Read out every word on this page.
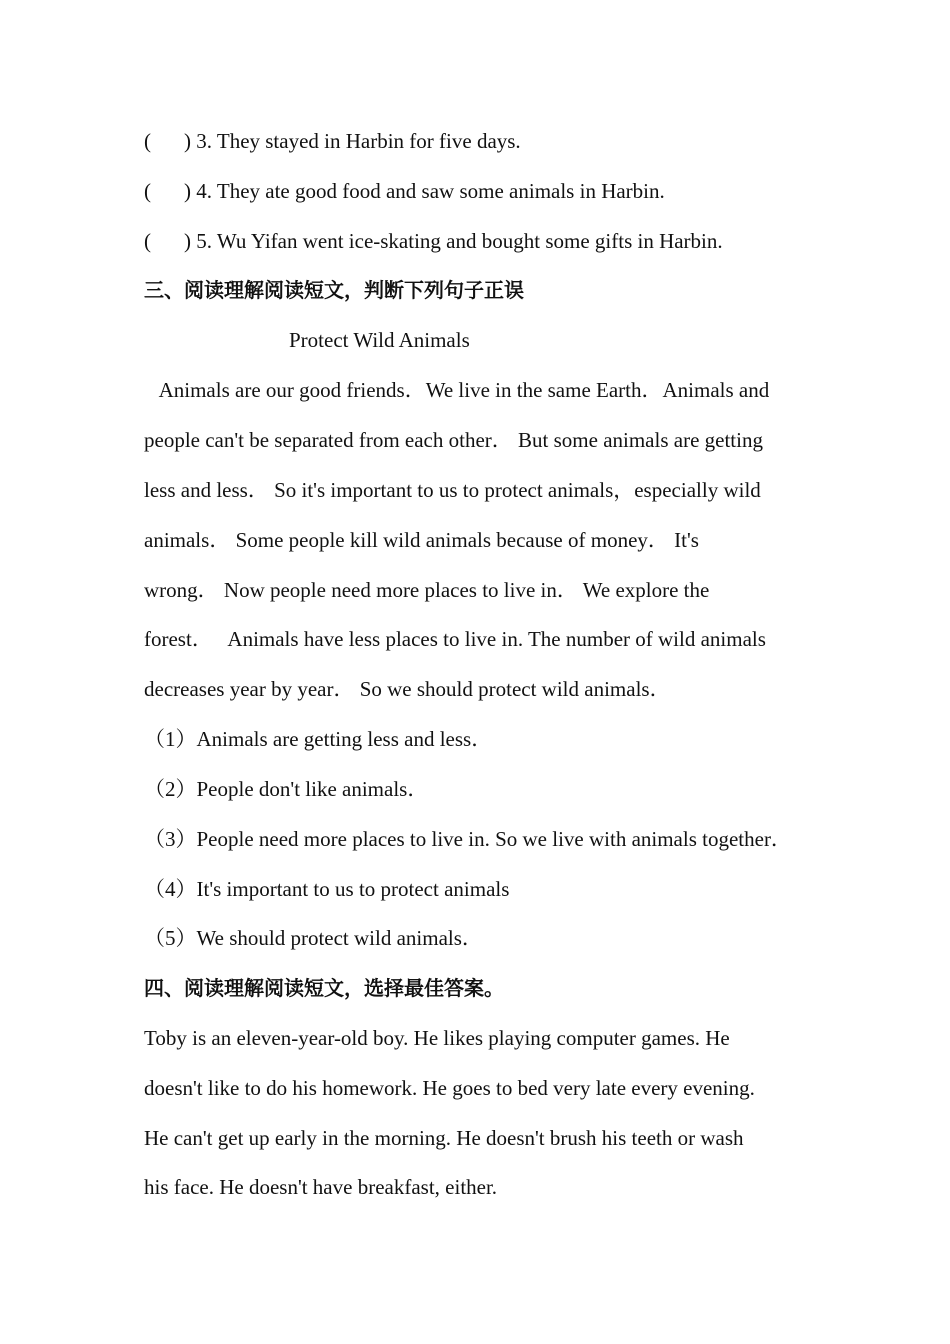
( ) 3. They stayed in Harbin for five days.
( ) 4. They ate good food and saw some animals in Harbin.
( ) 5. Wu Yifan went ice-skating and bought some gifts in Harbin.
三、阅读理解阅读短文，判断下列句子正误
Protect Wild Animals
Animals are our good friends．We live in the same Earth．Animals and
people can't be separated from each other． But some animals are getting
less and less． So it's important to us to protect animals，especially wild
animals． Some people kill wild animals because of money． It's
wrong． Now people need more places to live in． We explore the
forest．   Animals have less places to live in. The number of wild animals
decreases year by year． So we should protect wild animals．
（1）Animals are getting less and less．
（2）People don't like animals．
（3）People need more places to live in. So we live with animals together．
（4）It's important to us to protect animals
（5）We should protect wild animals．
四、阅读理解阅读短文，选择最佳答案。
Toby is an eleven-year-old boy. He likes playing computer games. He
doesn't like to do his homework. He goes to bed very late every evening.
He can't get up early in the morning. He doesn't brush his teeth or wash
his face. He doesn't have breakfast, either.
